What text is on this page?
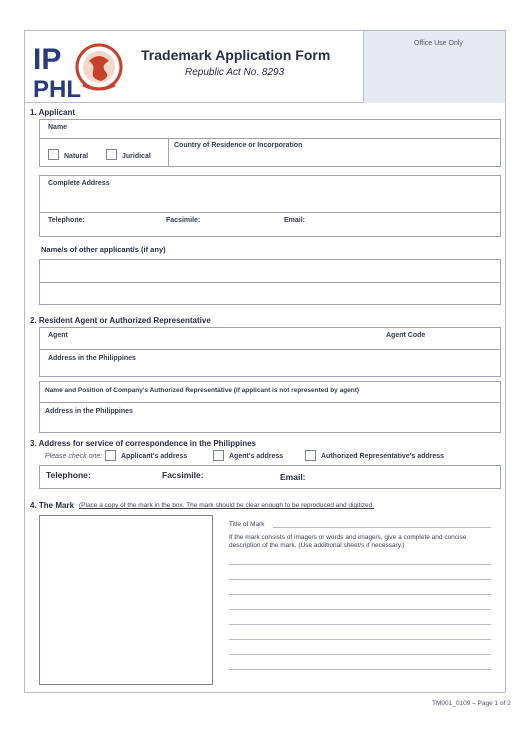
IP
PHL
Trademark Application Form
Republic Act No. 8293
Office Use Only
1. Applicant
Name
Natural	Juridical
Country of Residence or Incorporation
Complete Address
Telephone:	Facsimile:	Email:
Name/s of other applicant/s (if any)
2. Resident Agent or Authorized Representative
Agent	Agent Code
Address in the Philippines
Name and Position of Company's Authorized Representative (if applicant is not represented by agent)
Address in the Philippines
3. Address for service of correspondence in the Philippines
Please check one:	Applicant's address	Agent's address	Authorized Representative's address
Telephone:	Facsimile:	Email:
4. The Mark (Place a copy of the mark in the box. The mark should be clear enough to be reproduced and digitized.
Title of Mark
If the mark consists of image/s or words and image/s, give a complete and concise description of the mark. (Use additional sheet/s if necessary.)
TM001_0109 – Page 1 of 2
